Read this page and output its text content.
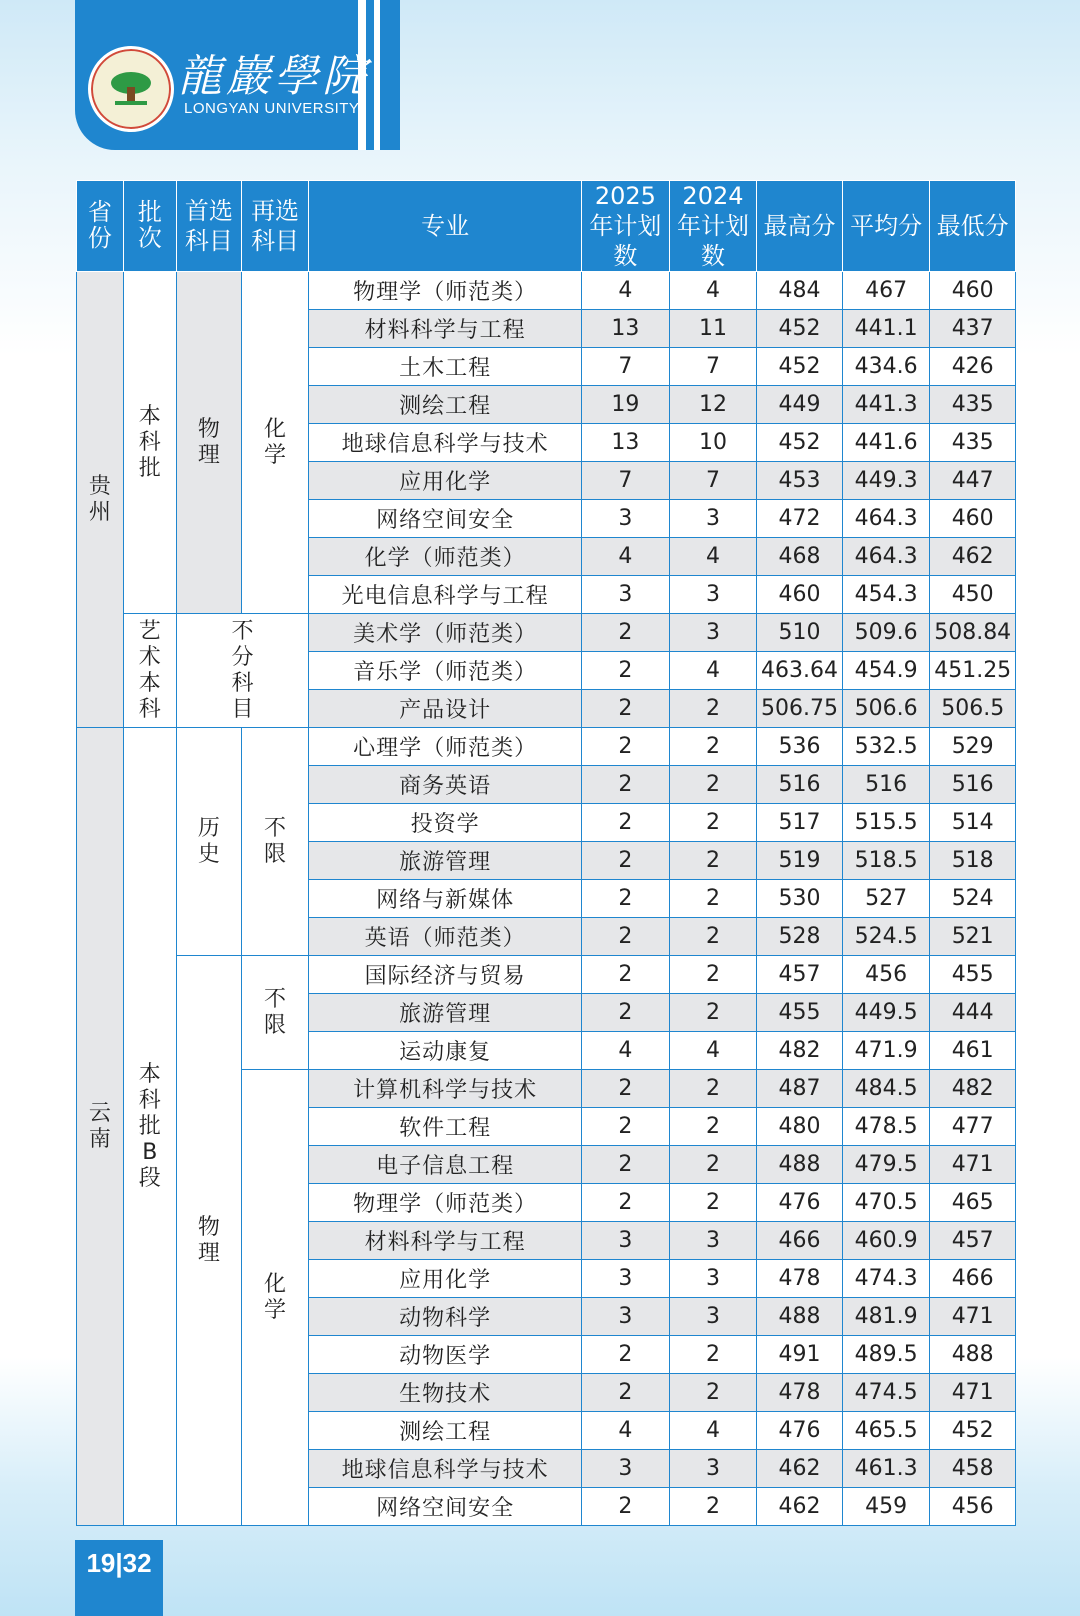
龍巖學院
LONGYAN UNIVERSITY
省份	批次	首选科目	再选科目	专业	2025年计划数	2024年计划数	最高分	平均分	最低分
贵州	本科批	物理	化学	物理学（师范类）	4	4	484	467	460
				材料科学与工程	13	11	452	441.1	437
				土木工程	7	7	452	434.6	426
				测绘工程	19	12	449	441.3	435
				地球信息科学与技术	13	10	452	441.6	435
				应用化学	7	7	453	449.3	447
				网络空间安全	3	3	472	464.3	460
				化学（师范类）	4	4	468	464.3	462
				光电信息科学与工程	3	3	460	454.3	450
	艺术本科	不分科目		美术学（师范类）	2	3	510	509.6	508.84
				音乐学（师范类）	2	4	463.64	454.9	451.25
				产品设计	2	2	506.75	506.6	506.5
云南	本科批B段	历史	不限	心理学（师范类）	2	2	536	532.5	529
				商务英语	2	2	516	516	516
				投资学	2	2	517	515.5	514
				旅游管理	2	2	519	518.5	518
				网络与新媒体	2	2	530	527	524
				英语（师范类）	2	2	528	524.5	521
		物理	不限	国际经济与贸易	2	2	457	456	455
				旅游管理	2	2	455	449.5	444
				运动康复	4	4	482	471.9	461
			化学	计算机科学与技术	2	2	487	484.5	482
				软件工程	2	2	480	478.5	477
				电子信息工程	2	2	488	479.5	471
				物理学（师范类）	2	2	476	470.5	465
				材料科学与工程	3	3	466	460.9	457
				应用化学	3	3	478	474.3	466
				动物科学	3	3	488	481.9	471
				动物医学	2	2	491	489.5	488
				生物技术	2	2	478	474.5	471
				测绘工程	4	4	476	465.5	452
				地球信息科学与技术	3	3	462	461.3	458
				网络空间安全	2	2	462	459	456
19|32
